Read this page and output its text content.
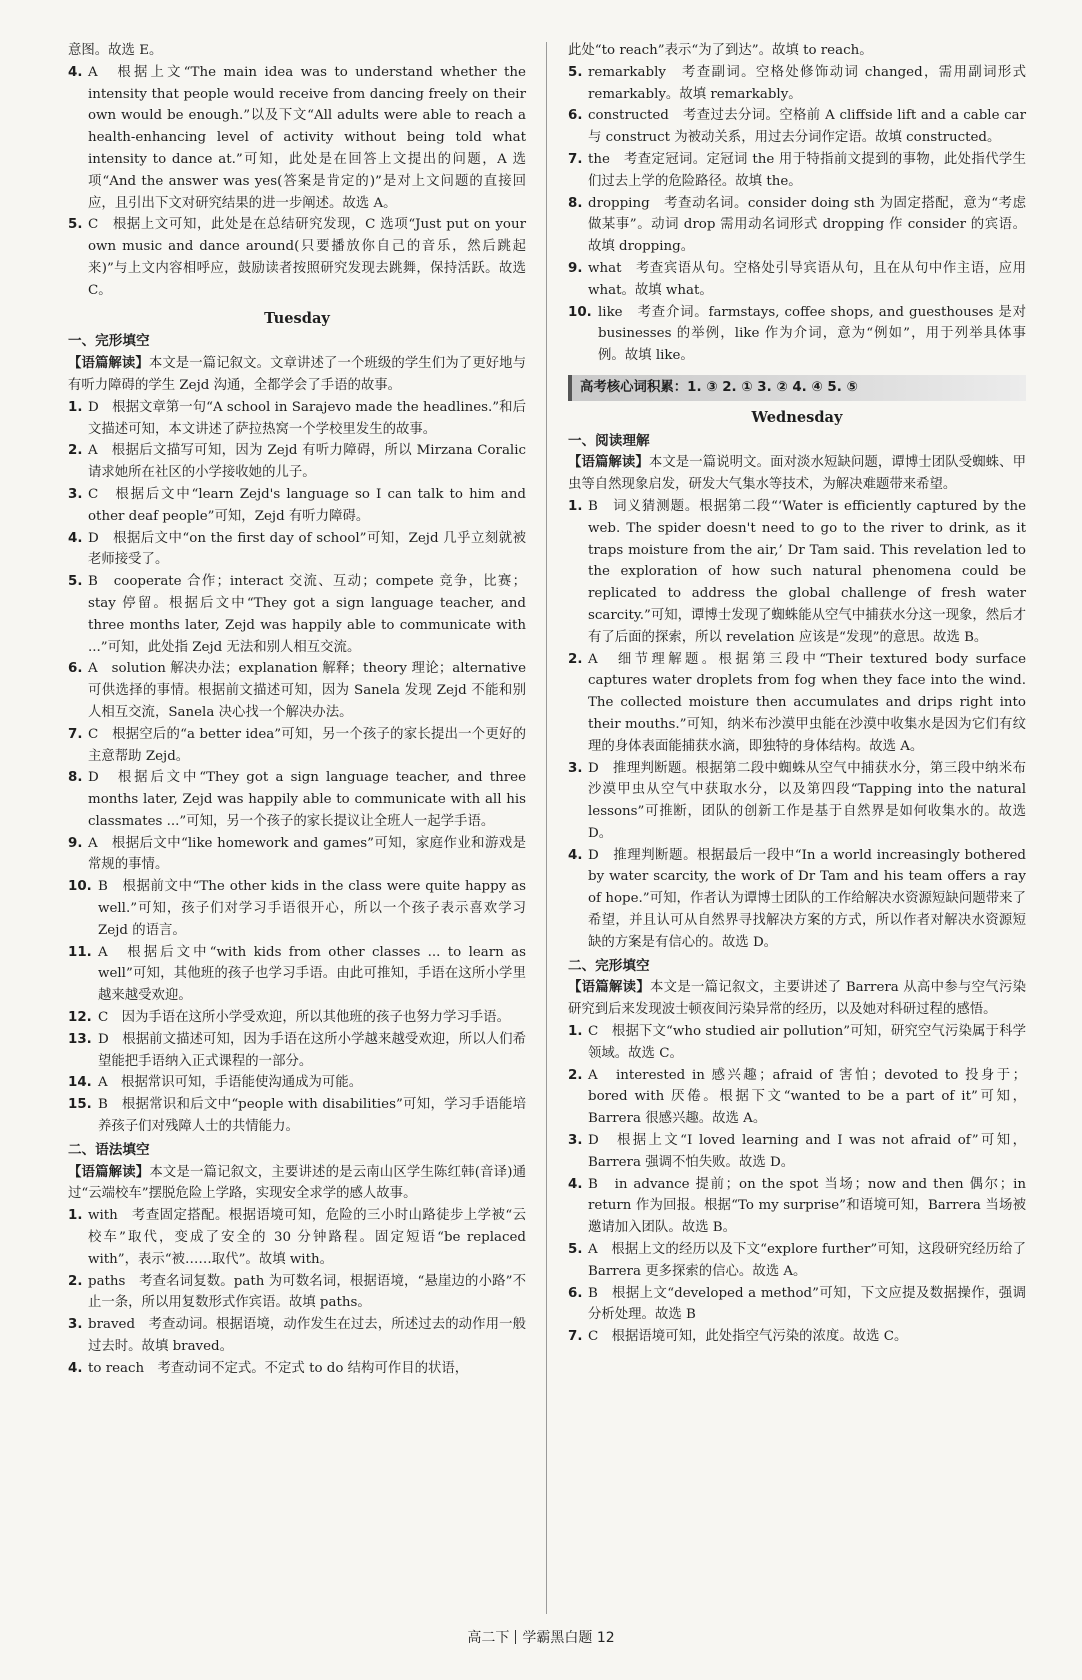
意图。故选 E。

4. A　根据上文“The main idea was to understand whether the intensity that people would receive from dancing freely on their own would be enough.”以及下文“All adults were able to reach a health-enhancing level of activity without being told what intensity to dance at.”可知，此处是在回答上文提出的问题，A 选项“And the answer was yes(答案是肯定的)”是对上文问题的直接回应，且引出下文对研究结果的进一步阐述。故选 A。
5. C　根据上文可知，此处是在总结研究发现，C 选项“Just put on your own music and dance around(只要播放你自己的音乐，然后跳起来)”与上文内容相呼应，鼓励读者按照研究发现去跳舞，保持活跃。故选 C。
Tuesday
一、完形填空

【语篇解读】本文是一篇记叙文。文章讲述了一个班级的学生们为了更好地与有听力障碍的学生 Zejd 沟通，全都学会了手语的故事。

1. D　根据文章第一句“A school in Sarajevo made the headlines.”和后文描述可知，本文讲述了萨拉热窝一个学校里发生的故事。
2. A　根据后文描写可知，因为 Zejd 有听力障碍，所以 Mirzana Coralic 请求她所在社区的小学接收她的儿子。
3. C　根据后文中“learn Zejd's language so I can talk to him and other deaf people”可知，Zejd 有听力障碍。
4. D　根据后文中“on the first day of school”可知，Zejd 几乎立刻就被老师接受了。
5. B　cooperate 合作；interact 交流、互动；compete 竞争，比赛；stay 停留。根据后文中“They got a sign language teacher, and three months later, Zejd was happily able to communicate with ...”可知，此处指 Zejd 无法和别人相互交流。
6. A　solution 解决办法；explanation 解释；theory 理论；alternative 可供选择的事情。根据前文描述可知，因为 Sanela 发现 Zejd 不能和别人相互交流，Sanela 决心找一个解决办法。
7. C　根据空后的“a better idea”可知，另一个孩子的家长提出一个更好的主意帮助 Zejd。
8. D　根据后文中“They got a sign language teacher, and three months later, Zejd was happily able to communicate with all his classmates ...”可知，另一个孩子的家长提议让全班人一起学手语。
9. A　根据后文中“like homework and games”可知，家庭作业和游戏是常规的事情。
10. B　根据前文中“The other kids in the class were quite happy as well.”可知，孩子们对学习手语很开心，所以一个孩子表示喜欢学习 Zejd 的语言。
11. A　根据后文中“with kids from other classes ... to learn as well”可知，其他班的孩子也学习手语。由此可推知，手语在这所小学里越来越受欢迎。
12. C　因为手语在这所小学受欢迎，所以其他班的孩子也努力学习手语。
13. D　根据前文描述可知，因为手语在这所小学越来越受欢迎，所以人们希望能把手语纳入正式课程的一部分。
14. A　根据常识可知，手语能使沟通成为可能。
15. B　根据常识和后文中“people with disabilities”可知，学习手语能培养孩子们对残障人士的共情能力。
二、语法填空

【语篇解读】本文是一篇记叙文，主要讲述的是云南山区学生陈红韩(音译)通过“云端校车”摆脱危险上学路，实现安全求学的感人故事。

1. with　考查固定搭配。根据语境可知，危险的三小时山路徒步上学被“云校车”取代，变成了安全的 30 分钟路程。固定短语“be replaced with”，表示“被……取代”。故填 with。
2. paths　考查名词复数。path 为可数名词，根据语境，“悬崖边的小路”不止一条，所以用复数形式作宾语。故填 paths。
3. braved　考查动词。根据语境，动作发生在过去，所述过去的动作用一般过去时。故填 braved。
4. to reach　考查动词不定式。不定式 to do 结构可作目的状语，

此处“to reach”表示“为了到达”。故填 to reach。

5. remarkably　考查副词。空格处修饰动词 changed，需用副词形式 remarkably。故填 remarkably。
6. constructed　考查过去分词。空格前 A cliffside lift and a cable car 与 construct 为被动关系，用过去分词作定语。故填 constructed。
7. the　考查定冠词。定冠词 the 用于特指前文提到的事物，此处指代学生们过去上学的危险路径。故填 the。
8. dropping　考查动名词。consider doing sth 为固定搭配，意为“考虑做某事”。动词 drop 需用动名词形式 dropping 作 consider 的宾语。故填 dropping。
9. what　考查宾语从句。空格处引导宾语从句，且在从句中作主语，应用 what。故填 what。
10. like　考查介词。farmstays, coffee shops, and guesthouses 是对 businesses 的举例，like 作为介词，意为“例如”，用于列举具体事例。故填 like。
高考核心词积累：1. ③ 2. ① 3. ② 4. ④ 5. ⑤
Wednesday
一、阅读理解

【语篇解读】本文是一篇说明文。面对淡水短缺问题，谭博士团队受蜘蛛、甲虫等自然现象启发，研发大气集水等技术，为解决难题带来希望。

1. B　词义猜测题。根据第二段“‘Water is efficiently captured by the web. The spider doesn't need to go to the river to drink, as it traps moisture from the air,’ Dr Tam said. This revelation led to the exploration of how such natural phenomena could be replicated to address the global challenge of fresh water scarcity.”可知，谭博士发现了蜘蛛能从空气中捕获水分这一现象，然后才有了后面的探索，所以 revelation 应该是“发现”的意思。故选 B。
2. A　细节理解题。根据第三段中“Their textured body surface captures water droplets from fog when they face into the wind. The collected moisture then accumulates and drips right into their mouths.”可知，纳米布沙漠甲虫能在沙漠中收集水是因为它们有纹理的身体表面能捕获水滴，即独特的身体结构。故选 A。
3. D　推理判断题。根据第二段中蜘蛛从空气中捕获水分，第三段中纳米布沙漠甲虫从空气中获取水分，以及第四段“Tapping into the natural lessons”可推断，团队的创新工作是基于自然界是如何收集水的。故选 D。
4. D　推理判断题。根据最后一段中“In a world increasingly bothered by water scarcity, the work of Dr Tam and his team offers a ray of hope.”可知，作者认为谭博士团队的工作给解决水资源短缺问题带来了希望，并且认可从自然界寻找解决方案的方式，所以作者对解决水资源短缺的方案是有信心的。故选 D。
二、完形填空

【语篇解读】本文是一篇记叙文，主要讲述了 Barrera 从高中参与空气污染研究到后来发现波士顿夜间污染异常的经历，以及她对科研过程的感悟。

1. C　根据下文“who studied air pollution”可知，研究空气污染属于科学领域。故选 C。
2. A　interested in 感兴趣；afraid of 害怕；devoted to 投身于；bored with 厌倦。根据下文“wanted to be a part of it”可知，Barrera 很感兴趣。故选 A。
3. D　根据上文“I loved learning and I was not afraid of”可知，Barrera 强调不怕失败。故选 D。
4. B　in advance 提前；on the spot 当场；now and then 偶尔；in return 作为回报。根据“To my surprise”和语境可知，Barrera 当场被邀请加入团队。故选 B。
5. A　根据上文的经历以及下文“explore further”可知，这段研究经历给了 Barrera 更多探索的信心。故选 A。
6. B　根据上文“developed a method”可知，下文应提及数据操作，强调分析处理。故选 B
7. C　根据语境可知，此处指空气污染的浓度。故选 C。
高二下 学霸黑白题 12
